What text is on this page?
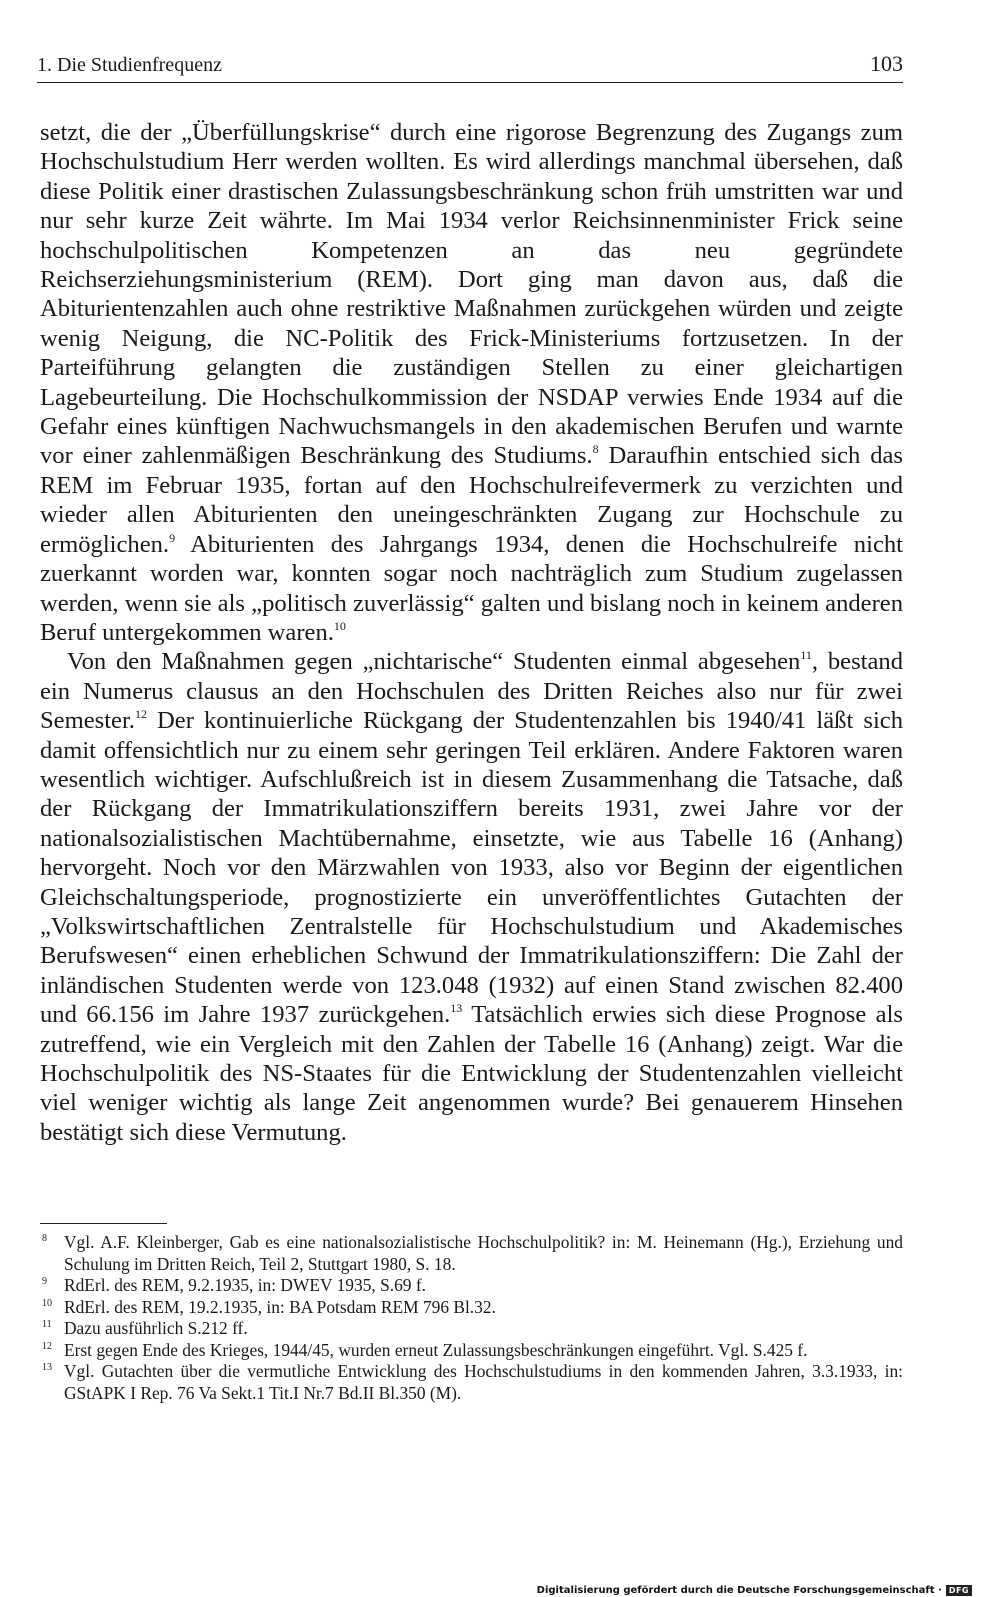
1. Die Studienfrequenz	103

setzt, die der „Überfüllungskrise“ durch eine rigorose Begrenzung des Zugangs zum Hochschulstudium Herr werden wollten. Es wird allerdings manchmal übersehen, daß diese Politik einer drastischen Zulassungsbeschränkung schon früh umstritten war und nur sehr kurze Zeit währte. Im Mai 1934 verlor Reichsinnenminister Frick seine hochschulpolitischen Kompetenzen an das neu gegründete Reichserziehungsministerium (REM). Dort ging man davon aus, daß die Abiturientenzahlen auch ohne restriktive Maßnahmen zurückgehen würden und zeigte wenig Neigung, die NC-Politik des Frick-Ministeriums fortzusetzen. In der Parteiführung gelangten die zuständigen Stellen zu einer gleichartigen Lagebeurteilung. Die Hochschulkommission der NSDAP verwies Ende 1934 auf die Gefahr eines künftigen Nachwuchsmangels in den akademischen Berufen und warnte vor einer zahlenmäßigen Beschränkung des Studiums.$^8$ Daraufhin entschied sich das REM im Februar 1935, fortan auf den Hochschulreifevermerk zu verzichten und wieder allen Abiturienten den uneingeschränkten Zugang zur Hochschule zu ermöglichen.$^9$ Abiturienten des Jahrgangs 1934, denen die Hochschulreife nicht zuerkannt worden war, konnten sogar noch nachträglich zum Studium zugelassen werden, wenn sie als „politisch zuverlässig“ galten und bislang noch in keinem anderen Beruf untergekommen waren.$^{10}$

Von den Maßnahmen gegen „nichtarische“ Studenten einmal abgesehen$^{11}$, bestand ein Numerus clausus an den Hochschulen des Dritten Reiches also nur für zwei Semester.$^{12}$ Der kontinuierliche Rückgang der Studentenzahlen bis 1940/41 läßt sich damit offensichtlich nur zu einem sehr geringen Teil erklären. Andere Faktoren waren wesentlich wichtiger. Aufschlußreich ist in diesem Zusammenhang die Tatsache, daß der Rückgang der Immatrikulationsziffern bereits 1931, zwei Jahre vor der nationalsozialistischen Machtübernahme, einsetzte, wie aus Tabelle 16 (Anhang) hervorgeht. Noch vor den Märzwahlen von 1933, also vor Beginn der eigentlichen Gleichschaltungsperiode, prognostizierte ein unveröffentlichtes Gutachten der „Volkswirtschaftlichen Zentralstelle für Hochschulstudium und Akademisches Berufswesen“ einen erheblichen Schwund der Immatrikulationsziffern: Die Zahl der inländischen Studenten werde von 123.048 (1932) auf einen Stand zwischen 82.400 und 66.156 im Jahre 1937 zurückgehen.$^{13}$ Tatsächlich erwies sich diese Prognose als zutreffend, wie ein Vergleich mit den Zahlen der Tabelle 16 (Anhang) zeigt. War die Hochschulpolitik des NS-Staates für die Entwicklung der Studentenzahlen vielleicht viel weniger wichtig als lange Zeit angenommen wurde? Bei genauerem Hinsehen bestätigt sich diese Vermutung.

8 Vgl. A.F. Kleinberger, Gab es eine nationalsozialistische Hochschulpolitik? in: M. Heinemann (Hg.), Erziehung und Schulung im Dritten Reich, Teil 2, Stuttgart 1980, S. 18.
9 RdErl. des REM, 9.2.1935, in: DWEV 1935, S.69 f.
10 RdErl. des REM, 19.2.1935, in: BA Potsdam REM 796 Bl.32.
11 Dazu ausführlich S.212 ff.
12 Erst gegen Ende des Krieges, 1944/45, wurden erneut Zulassungsbeschränkungen eingeführt. Vgl. S.425 f.
13 Vgl. Gutachten über die vermutliche Entwicklung des Hochschulstudiums in den kommenden Jahren, 3.3.1933, in: GStAPK I Rep. 76 Va Sekt.1 Tit.I Nr.7 Bd.II Bl.350 (M).
Digitalisierung gefördert durch die Deutsche Forschungsgemeinschaft · DFG
